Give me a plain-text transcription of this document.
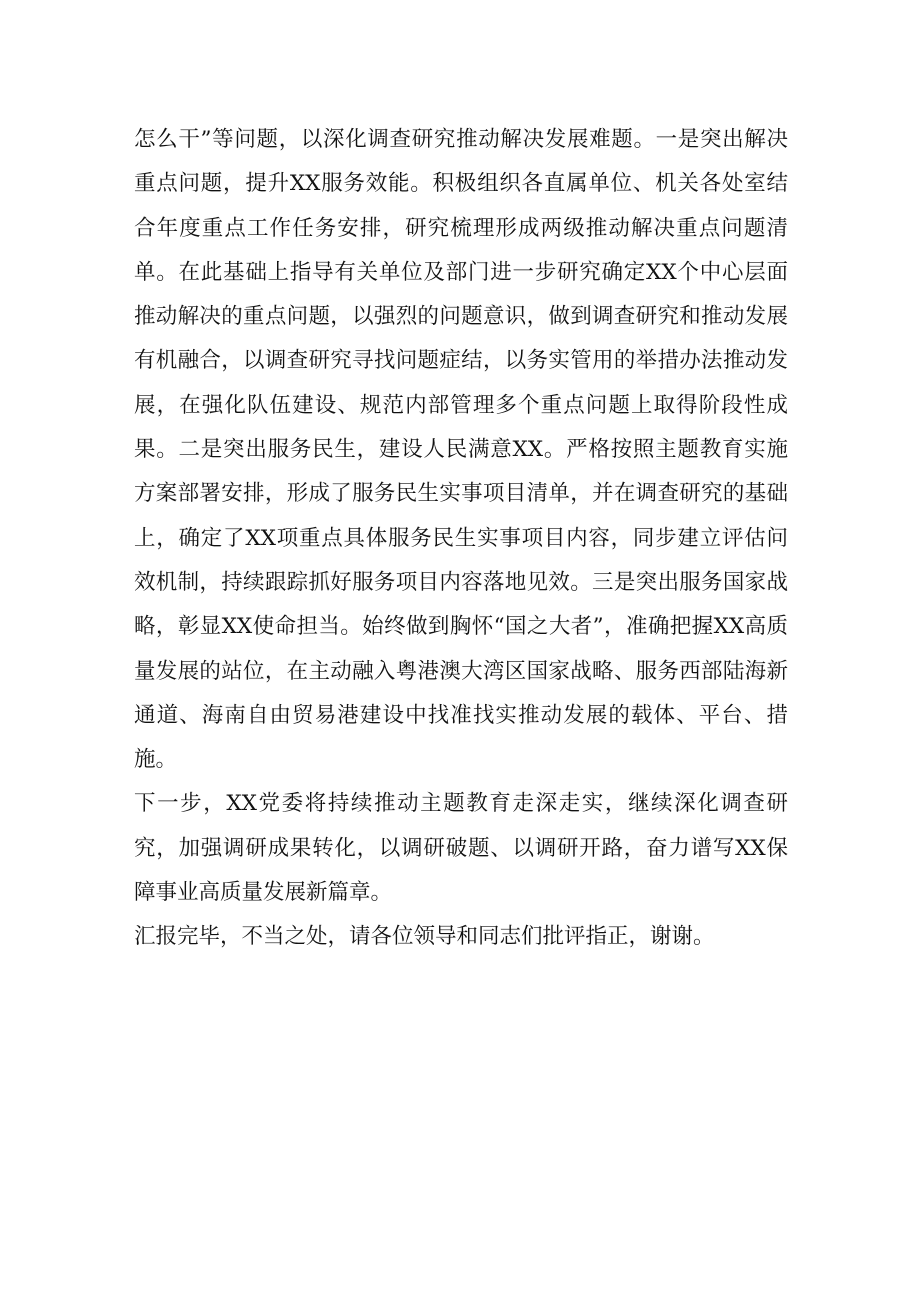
怎么干”等问题，以深化调查研究推动解决发展难题。一是突出解决重点问题，提升XX服务效能。积极组织各直属单位、机关各处室结合年度重点工作任务安排，研究梳理形成两级推动解决重点问题清单。在此基础上指导有关单位及部门进一步研究确定XX个中心层面推动解决的重点问题，以强烈的问题意识，做到调查研究和推动发展有机融合，以调查研究寻找问题症结，以务实管用的举措办法推动发展，在强化队伍建设、规范内部管理多个重点问题上取得阶段性成果。二是突出服务民生，建设人民满意XX。严格按照主题教育实施方案部署安排，形成了服务民生实事项目清单，并在调查研究的基础上，确定了XX项重点具体服务民生实事项目内容，同步建立评估问效机制，持续跟踪抓好服务项目内容落地见效。三是突出服务国家战略，彰显XX使命担当。始终做到胸怀“国之大者”，准确把握XX高质量发展的站位，在主动融入粤港澳大湾区国家战略、服务西部陆海新通道、海南自由贸易港建设中找准找实推动发展的载体、平台、措施。

下一步，XX党委将持续推动主题教育走深走实，继续深化调查研究，加强调研成果转化，以调研破题、以调研开路，奋力谱写XX保障事业高质量发展新篇章。

汇报完毕，不当之处，请各位领导和同志们批评指正，谢谢。
